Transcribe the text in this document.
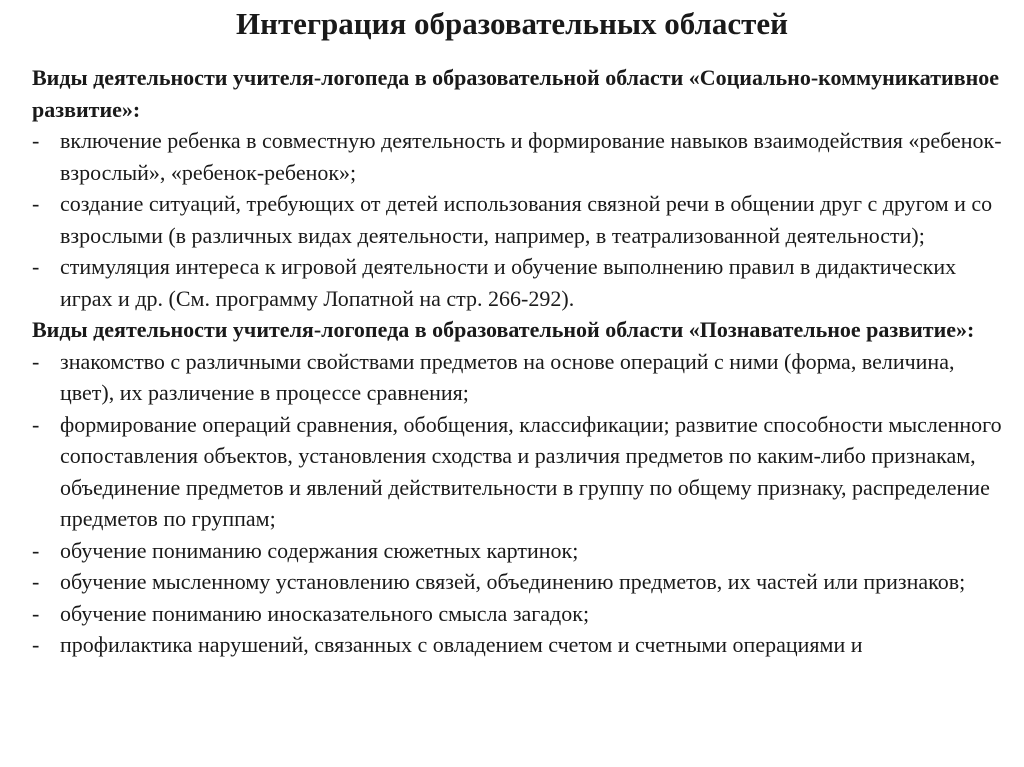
Интеграция образовательных областей

Виды деятельности учителя-логопеда в образовательной области «Социально-коммуникативное развитие»:

- включение ребенка в совместную деятельность и формирование навыков взаимодействия «ребенок-взрослый», «ребенок-ребенок»;
- создание ситуаций, требующих от детей использования связной речи в общении друг с другом и со взрослыми (в различных видах деятельности, например, в театрализованной деятельности);
- стимуляция интереса к игровой деятельности и обучение выполнению правил в дидактических играх и др. (См. программу Лопатной на стр. 266-292).

Виды деятельности учителя-логопеда в образовательной области «Познавательное развитие»:

- знакомство с различными свойствами предметов на основе операций с ними (форма, величина, цвет), их различение в процессе сравнения;
- формирование операций сравнения, обобщения, классификации; развитие способности мысленного сопоставления объектов, установления сходства и различия предметов по каким-либо признакам, объединение предметов и явлений действительности в группу по общему признаку, распределение предметов по группам;
- обучение пониманию содержания сюжетных картинок;
- обучение мысленному установлению связей, объединению предметов, их частей или признаков;
- обучение пониманию иносказательного смысла загадок;
- профилактика нарушений, связанных с овладением счетом и счетными операциями и
